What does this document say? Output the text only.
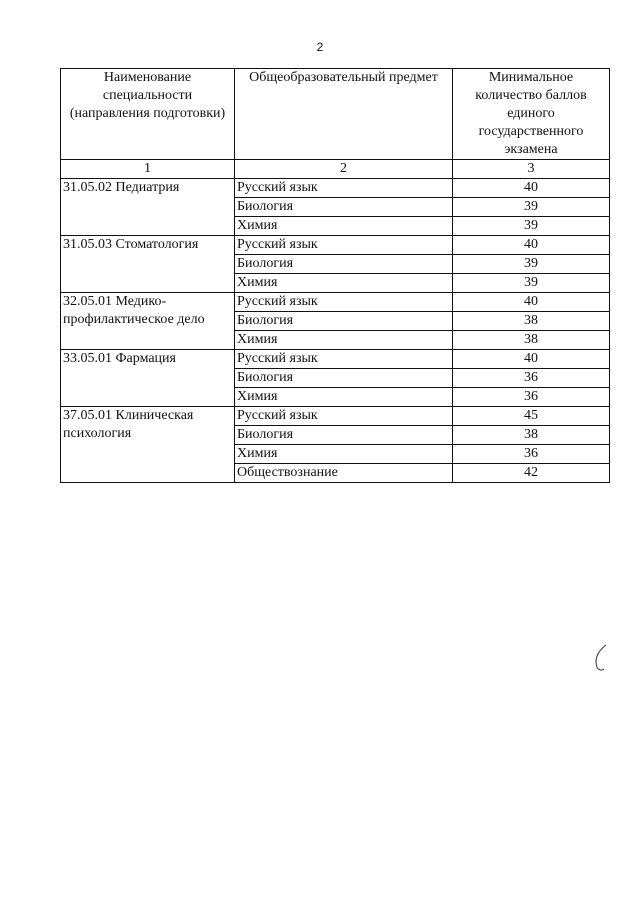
2
Наименование специальности (направления подготовки)	Общеобразовательный предмет	Минимальное количество баллов единого государственного экзамена
1	2	3
31.05.02 Педиатрия	Русский язык	40
	Биология	39
	Химия	39
31.05.03 Стоматология	Русский язык	40
	Биология	39
	Химия	39
32.05.01 Медико-профилактическое дело	Русский язык	40
	Биология	38
	Химия	38
33.05.01 Фармация	Русский язык	40
	Биология	36
	Химия	36
37.05.01 Клиническая психология	Русский язык	45
	Биология	38
	Химия	36
	Обществознание	42
